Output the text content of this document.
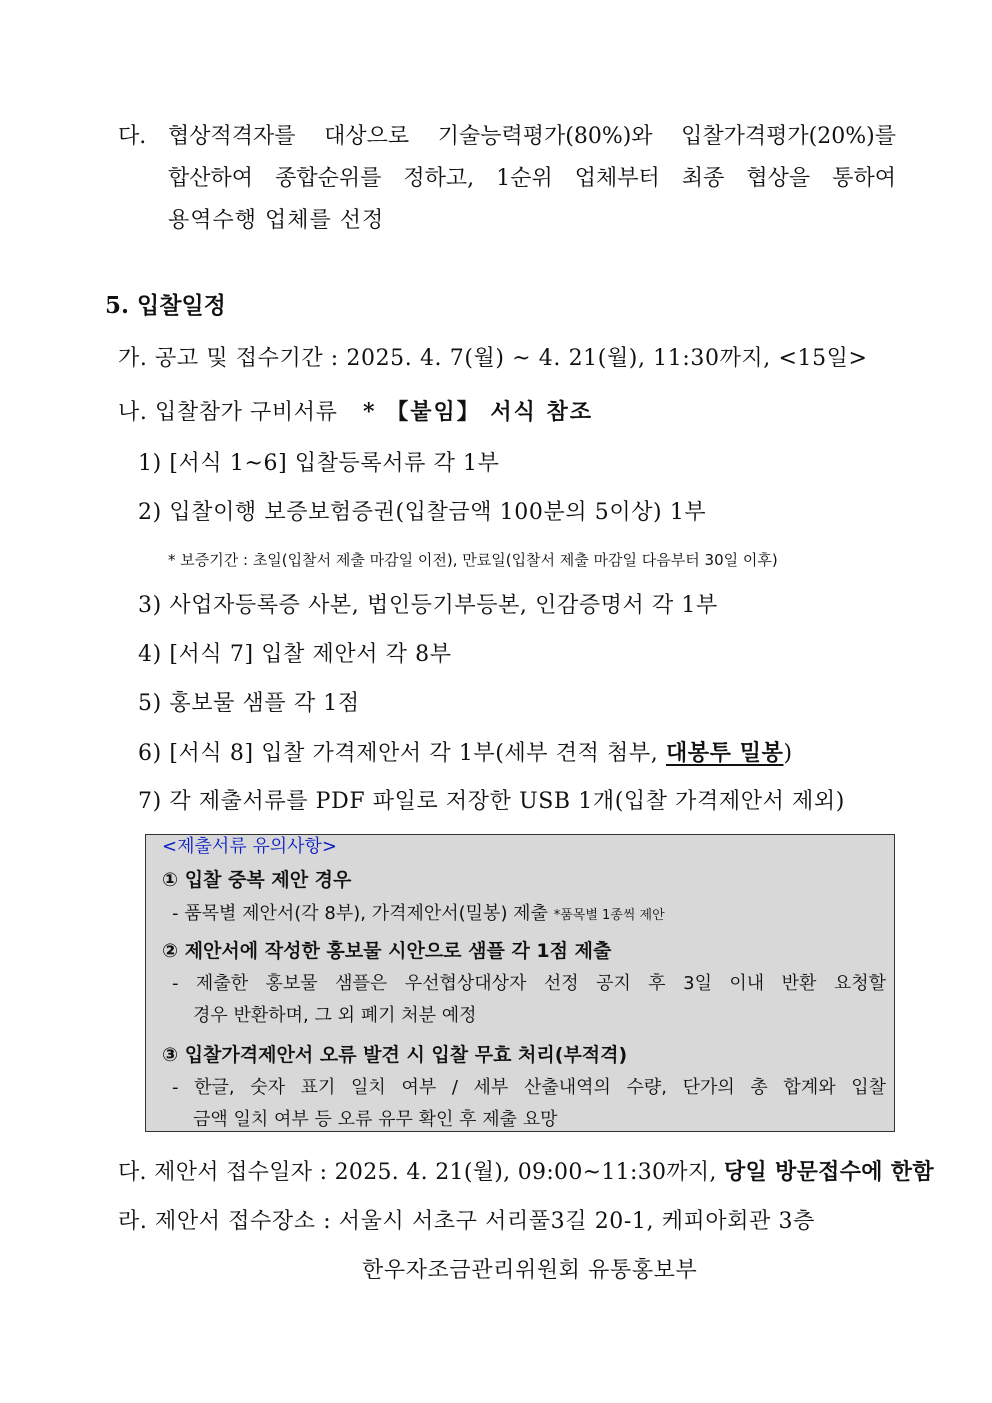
다. 협상적격자를 대상으로 기술능력평가(80%)와 입찰가격평가(20%)를
합산하여 종합순위를 정하고, 1순위 업체부터 최종 협상을 통하여
용역수행 업체를 선정
5. 입찰일정
가. 공고 및 접수기간 : 2025. 4. 7(월) ~ 4. 21(월), 11:30까지, <15일>
나. 입찰참가 구비서류 * 【붙임】 서식 참조
1) [서식 1~6] 입찰등록서류 각 1부
2) 입찰이행 보증보험증권(입찰금액 100분의 5이상) 1부
* 보증기간 : 초일(입찰서 제출 마감일 이전), 만료일(입찰서 제출 마감일 다음부터 30일 이후)
3) 사업자등록증 사본, 법인등기부등본, 인감증명서 각 1부
4) [서식 7] 입찰 제안서 각 8부
5) 홍보물 샘플 각 1점
6) [서식 8] 입찰 가격제안서 각 1부(세부 견적 첨부, 대봉투 밀봉)
7) 각 제출서류를 PDF 파일로 저장한 USB 1개(입찰 가격제안서 제외)
<제출서류 유의사항>
① 입찰 중복 제안 경우
- 품목별 제안서(각 8부), 가격제안서(밀봉) 제출 *품목별 1종씩 제안
② 제안서에 작성한 홍보물 시안으로 샘플 각 1점 제출
- 제출한 홍보물 샘플은 우선협상대상자 선정 공지 후 3일 이내 반환 요청할
경우 반환하며, 그 외 폐기 처분 예정
③ 입찰가격제안서 오류 발견 시 입찰 무효 처리(부적격)
- 한글, 숫자 표기 일치 여부 / 세부 산출내역의 수량, 단가의 총 합계와 입찰
금액 일치 여부 등 오류 유무 확인 후 제출 요망
다. 제안서 접수일자 : 2025. 4. 21(월), 09:00~11:30까지, 당일 방문접수에 한함
라. 제안서 접수장소 : 서울시 서초구 서리풀3길 20-1, 케피아회관 3층
한우자조금관리위원회 유통홍보부
